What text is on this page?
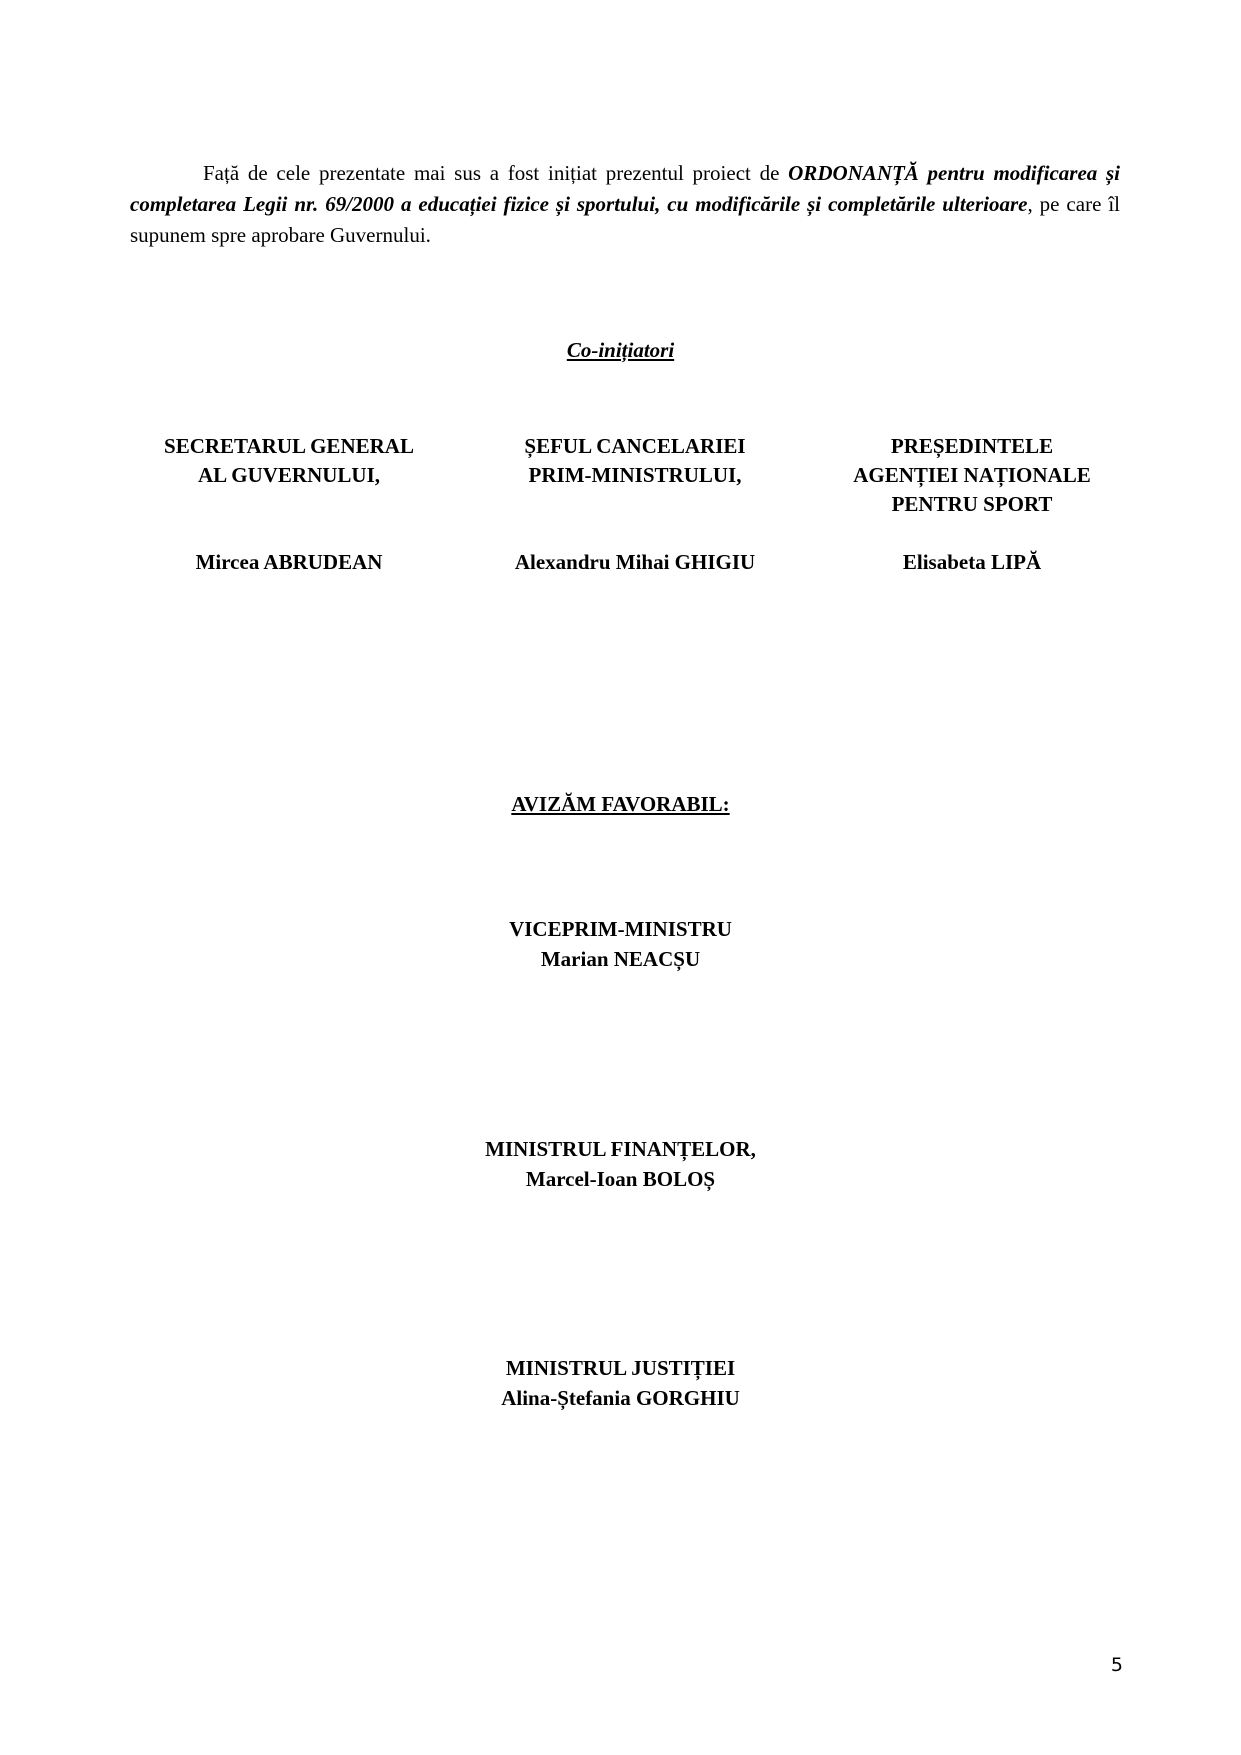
Față de cele prezentate mai sus a fost inițiat prezentul proiect de ORDONANȚĂ pentru modificarea și completarea Legii nr. 69/2000 a educației fizice și sportului, cu modificările și completările ulterioare, pe care îl supunem spre aprobare Guvernului.

Co-inițiatori
SECRETARUL GENERAL
AL GUVERNULUI,
Mircea ABRUDEAN
ȘEFUL CANCELARIEI
PRIM-MINISTRULUI,
Alexandru Mihai GHIGIU
PREȘEDINTELE
AGENȚIEI NAȚIONALE
PENTRU SPORT
Elisabeta LIPĂ
AVIZĂM FAVORABIL:
VICEPRIM-MINISTRU
Marian NEACȘU
MINISTRUL FINANȚELOR,
Marcel-Ioan BOLOȘ
MINISTRUL JUSTIȚIEI
Alina-Ștefania GORGHIU
5
